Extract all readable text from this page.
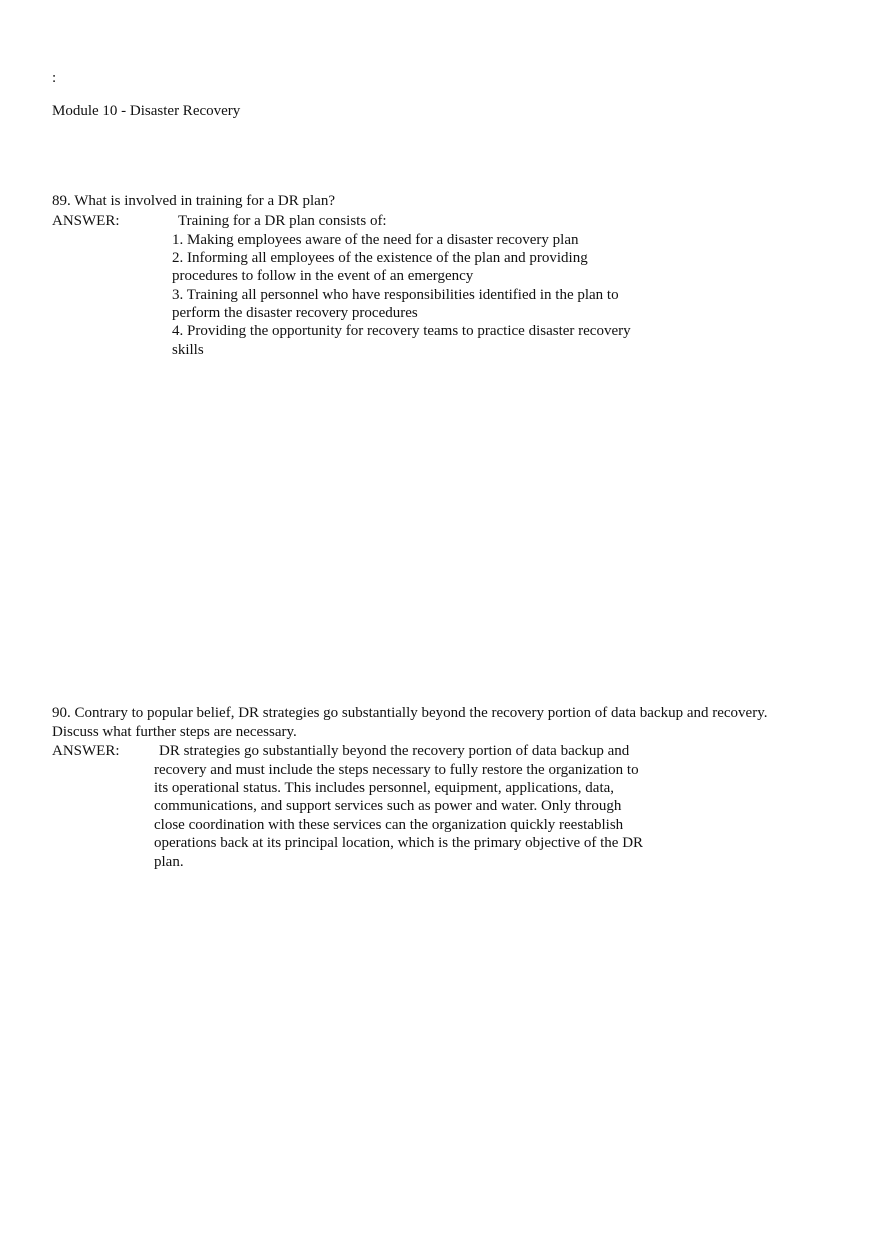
:
Module 10 - Disaster Recovery
89. What is involved in training for a DR plan?
ANSWER:	Training for a DR plan consists of:
1. Making employees aware of the need for a disaster recovery plan
2. Informing all employees of the existence of the plan and providing
procedures to follow in the event of an emergency
3. Training all personnel who have responsibilities identified in the plan to
perform the disaster recovery procedures
4. Providing the opportunity for recovery teams to practice disaster recovery
skills
90. Contrary to popular belief, DR strategies go substantially beyond the recovery portion of data backup and recovery.
Discuss what further steps are necessary.
ANSWER:	DR strategies go substantially beyond the recovery portion of data backup and
recovery and must include the steps necessary to fully restore the organization to
its operational status. This includes personnel, equipment, applications, data,
communications, and support services such as power and water. Only through
close coordination with these services can the organization quickly reestablish
operations back at its principal location, which is the primary objective of the DR
plan.
